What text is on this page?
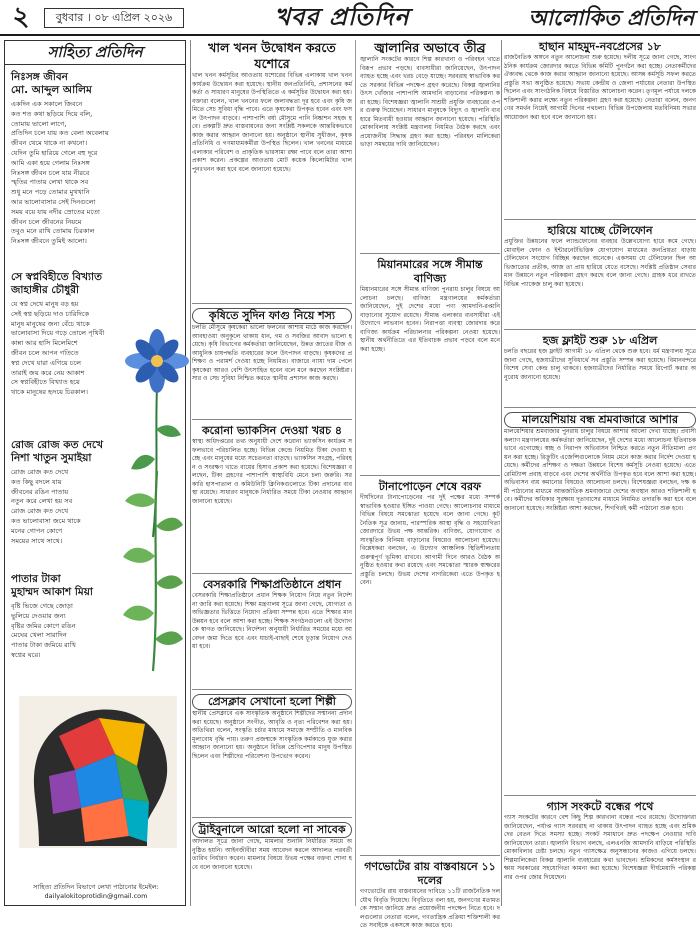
২	বুধবার । ০৮ এপ্রিল ২০২৬	খবর প্রতিদিন	আলোকিত প্রতিদিন
সাহিত্য প্রতিদিন
নিঃসঙ্গ জীবন
মো. আব্দুল আলিম
একদিন এক সকালে জিবনে
কত শত কথা ছড়িয়ে দিয়ে বলি,
তোমায় ভালো লাগে,
প্রতিদিন চলে যায় কত বেলা অবেলায়
জীবন থেমে থাকে না কখনো।
যেদিন তুমি হারিয়ে গেলে বহু দূরে
আমি একা হয়ে গেলাম নিঃসঙ্গ
নিঃসঙ্গ জীবন চলে যায় নীরবে
স্মৃতির পাতায় লেখা থাকে সব
শুধু মনে পড়ে তোমার মুখখানি
আর ভালোবাসার সেই দিনগুলো
সময় বয়ে যায় নদীর স্রোতের মতো
জীবন চলে জীবনের নিয়মে
তবুও মনে রাখি তোমায় চিরকাল
নিঃসঙ্গ জীবনে তুমিই আলো।
সে স্বপ্নবিহীতে বিখ্যাত
জাহাঙ্গীর চৌধুরী
যে স্বপ্ন দেখে মানুষ বড় হয়
সেই স্বপ্ন ছড়িয়ে দাও চারিদিকে
মানুষ মানুষের জন্য বেঁচে থাকে
ভালোবাসা দিয়ে গড়ে তোলে পৃথিবী
কান্না আর হাসি মিলেমিশে
জীবন চলে আপন গতিতে
স্বপ্ন দেখে যারা এগিয়ে চলে
তারাই জয় করে নেয় আকাশ
সে স্বপ্নবিহীতে বিখ্যাত হয়ে
থাকে মানুষের হৃদয়ে চিরকাল।
রোজ রোজ কত দেখে
নিশা খাতুন সুমাইয়া
রোজ রোজ কত দেখে
কত কিছু বদলে যায়
জীবনের রঙিন পাতায়
নতুন করে লেখা হয় সব
রোজ রোজ কত দেখে
কত ভালোবাসা জমে থাকে
মনের গোপন কোণে
সময়ের সাথে সাথে।
পাতার টাকা
মুহাম্মদ আকাশ মিয়া
বৃষ্টি ভিজে গেছে জোড়া
ভুলিয়ে দেওয়ার জন্য
বৃষ্টির জমির কোণে রঙিন
মেঘের খেলা সারাদিন
পাতার টাকা জমিয়ে রাখি
স্বপ্নের ঘরে।
সাহিত্য প্রতিদিন বিভাগে লেখা পাঠানোর ইমেইল:
dailyalokitoprotidin@gmail.com
খাল খনন উদ্বোধন করতে যশোরে
খাল খনন কর্মসূচির আওতায় যশোরের বিভিন্ন এলাকায় খাল খনন কার্যক্রম উদ্বোধন করা হয়েছে। স্থানীয় জনপ্রতিনিধি, প্রশাসনের কর্মকর্তা ও সাধারণ মানুষের উপস্থিতিতে এ কর্মসূচির উদ্বোধন করা হয়। বক্তারা বলেন, খাল খননের ফলে জলাবদ্ধতা দূর হবে এবং কৃষি জমিতে সেচ সুবিধা বৃদ্ধি পাবে। এতে কৃষকেরা উপকৃত হবেন এবং ফসল উৎপাদন বাড়বে। পাশাপাশি বর্ষা মৌসুমে পানি নিষ্কাশন সহজ হবে। প্রকল্পটি দ্রুত বাস্তবায়নের জন্য সংশ্লিষ্ট সকলকে আন্তরিকভাবে কাজ করার আহ্বান জানানো হয়। অনুষ্ঠানে স্থানীয় সুধীজন, কৃষক প্রতিনিধি ও গণমাধ্যমকর্মীরা উপস্থিত ছিলেন। খাল খননের মাধ্যমে এলাকার পরিবেশ ও প্রাকৃতিক ভারসাম্য রক্ষা পাবে বলে তারা আশা প্রকাশ করেন। প্রকল্পের আওতায় মোট কয়েক কিলোমিটার খাল পুনঃখনন করা হবে বলে জানানো হয়েছে।
কৃষিতে সুদিন ফাগু নিয়ে শস্য
চলতি মৌসুমে কৃষকেরা ভালো ফলনের আশায় মাঠে কাজ করছেন। আবহাওয়া অনুকূলে থাকায় ধান, গম ও সবজির আবাদ ভালো হয়েছে। কৃষি বিভাগের কর্মকর্তারা জানিয়েছেন, উন্নত জাতের বীজ ও আধুনিক চাষপদ্ধতি ব্যবহারের ফলে উৎপাদন বাড়ছে। কৃষকদের প্রশিক্ষণ ও পরামর্শ দেওয়া হচ্ছে নিয়মিত। বাজারে ন্যায্য দাম পেলে কৃষকেরা আরও বেশি উৎসাহিত হবেন বলে মনে করছেন সংশ্লিষ্টরা। সার ও সেচ সুবিধা নিশ্চিত করতে স্থানীয় প্রশাসন কাজ করছে।
করোনা ভ্যাকসিন দেওয়া খরচ ৪
স্বাস্থ্য অধিদপ্তরের তথ্য অনুযায়ী দেশে করোনা ভ্যাকসিন কার্যক্রম সফলভাবে পরিচালিত হচ্ছে। বিভিন্ন কেন্দ্রে নিয়মিত টিকা দেওয়া হচ্ছে এবং মানুষের মধ্যে সচেতনতা বাড়ছে। ভ্যাকসিন সংগ্রহ, পরিবহন ও সংরক্ষণ খাতে ব্যয়ের হিসাব প্রকাশ করা হয়েছে। বিশেষজ্ঞরা বলছেন, টিকা গ্রহণের পাশাপাশি স্বাস্থ্যবিধি মেনে চলা জরুরি। সরকারি হাসপাতাল ও কমিউনিটি ক্লিনিকগুলোতে টিকা প্রদানের ব্যবস্থা রয়েছে। সাধারণ মানুষকে নির্ধারিত সময়ে টিকা নেওয়ার আহ্বান জানানো হয়েছে।
বেসরকারি শিক্ষাপ্রতিষ্ঠানে প্রধান
বেসরকারি শিক্ষাপ্রতিষ্ঠানে প্রধান শিক্ষক নিয়োগ নিয়ে নতুন নির্দেশনা জারি করা হয়েছে। শিক্ষা মন্ত্রণালয় সূত্রে জানা গেছে, যোগ্যতা ও অভিজ্ঞতার ভিত্তিতে নিয়োগ প্রক্রিয়া সম্পন্ন হবে। এতে শিক্ষার মান উন্নয়ন হবে বলে আশা করা হচ্ছে। শিক্ষক সংগঠনগুলো এই উদ্যোগকে স্বাগত জানিয়েছে। নির্দেশনা অনুযায়ী নির্ধারিত সময়ের মধ্যে আবেদন জমা দিতে হবে এবং যাচাই-বাছাই শেষে চূড়ান্ত নিয়োগ দেওয়া হবে।
প্রেসক্লাব সেখানো হলো শিল্পী
স্থানীয় প্রেসক্লাবে এক সাংস্কৃতিক অনুষ্ঠানে শিল্পীদের সম্মাননা প্রদান করা হয়েছে। অনুষ্ঠানে সংগীত, আবৃত্তি ও নৃত্য পরিবেশন করা হয়। অতিথিরা বলেন, সংস্কৃতি চর্চার মাধ্যমে সমাজে সম্প্রীতি ও মানবিক মূল্যবোধ বৃদ্ধি পায়। তরুণ প্রজন্মকে সাংস্কৃতিক কর্মকাণ্ডে যুক্ত করার আহ্বান জানানো হয়। অনুষ্ঠানে বিভিন্ন শ্রেণিপেশার মানুষ উপস্থিত ছিলেন এবং শিল্পীদের পরিবেশনা উপভোগ করেন।
ট্রাইবুনালে আরো হলো না সাবেক
আদালত সূত্রে জানা গেছে, মামলার শুনানি নির্ধারিত সময়ে অনুষ্ঠিত হয়নি। আইনজীবীরা সময় আবেদন করলে আদালত পরবর্তী তারিখ নির্ধারণ করেন। মামলার বিষয়ে উভয় পক্ষের বক্তব্য শোনা হবে বলে জানানো হয়েছে।
জ্বালানির অভাবে তীব্র
জ্বালানি সংকটের কারণে শিল্প কারখানা ও পরিবহন খাতে বিরূপ প্রভাব পড়ছে। ব্যবসায়ীরা জানিয়েছেন, উৎপাদন ব্যাহত হচ্ছে এবং খরচ বেড়ে যাচ্ছে। সরবরাহ স্বাভাবিক করতে সরকার বিভিন্ন পদক্ষেপ গ্রহণ করেছে। বিকল্প জ্বালানির উৎস খোঁজার পাশাপাশি আমদানি বাড়ানোর পরিকল্পনা করা হচ্ছে। বিশেষজ্ঞরা জ্বালানি সাশ্রয়ী প্রযুক্তি ব্যবহারের ওপর গুরুত্ব দিয়েছেন। সাধারণ মানুষকে বিদ্যুৎ ও জ্বালানি ব্যবহারে মিতব্যয়ী হওয়ার আহ্বান জানানো হয়েছে। পরিস্থিতি মোকাবিলায় সংশ্লিষ্ট মন্ত্রণালয় নিয়মিত বৈঠক করছে এবং প্রয়োজনীয় সিদ্ধান্ত গ্রহণ করা হচ্ছে। পরিবহন মালিকেরা ভাড়া সমন্বয়ের দাবি জানিয়েছেন।
মিয়ানমারের সঙ্গে সীমান্ত বাণিজ্য
মিয়ানমারের সঙ্গে সীমান্ত বাণিজ্য পুনরায় চালুর বিষয়ে আলোচনা চলছে। বাণিজ্য মন্ত্রণালয়ের কর্মকর্তারা জানিয়েছেন, দুই দেশের মধ্যে পণ্য আমদানি-রপ্তানি বাড়ানোর সুযোগ রয়েছে। সীমান্ত এলাকার ব্যবসায়ীরা এই উদ্যোগে লাভবান হবেন। নিরাপত্তা ব্যবস্থা জোরদার করে বাণিজ্য কার্যক্রম পরিচালনার পরিকল্পনা নেওয়া হয়েছে। স্থানীয় অর্থনীতিতে এর ইতিবাচক প্রভাব পড়বে বলে মনে করা হচ্ছে।
টানাপোড়েন শেষে বরফ
দীর্ঘদিনের টানাপোড়েনের পর দুই পক্ষের মধ্যে সম্পর্ক স্বাভাবিক হওয়ার ইঙ্গিত পাওয়া গেছে। আলোচনার মাধ্যমে বিভিন্ন বিষয়ে সমঝোতা হয়েছে বলে জানা গেছে। কূটনৈতিক সূত্র জানায়, পারস্পরিক আস্থা বৃদ্ধি ও সহযোগিতা জোরদারে উভয় পক্ষ আন্তরিক। বাণিজ্য, যোগাযোগ ও সাংস্কৃতিক বিনিময় বাড়ানোর বিষয়েও আলোচনা হয়েছে। বিশ্লেষকরা বলছেন, এ উদ্যোগ আঞ্চলিক স্থিতিশীলতায় গুরুত্বপূর্ণ ভূমিকা রাখবে। আগামী দিনে আরও বৈঠক অনুষ্ঠিত হওয়ার কথা রয়েছে এবং সমঝোতা স্মারক স্বাক্ষরের প্রস্তুতি চলছে। উভয় দেশের নাগরিকেরা এতে উপকৃত হবেন।
গণভোটের রায় বাস্তবায়নে ১১ দলের
গণভোটের রায় বাস্তবায়নের দাবিতে ১১টি রাজনৈতিক দল যৌথ বিবৃতি দিয়েছে। বিবৃতিতে বলা হয়, জনগণের মতামতকে সম্মান জানিয়ে দ্রুত প্রয়োজনীয় পদক্ষেপ নিতে হবে। দলগুলোর নেতারা বলেন, গণতান্ত্রিক প্রক্রিয়া শক্তিশালী করতে সবাইকে একসঙ্গে কাজ করতে হবে।
হাছান মাহমুদ-নবপ্রেসের ১৮
রাজনৈতিক অঙ্গনে নতুন আলোচনা শুরু হয়েছে। দলীয় সূত্রে জানা গেছে, সাংগঠনিক কার্যক্রম জোরদার করতে বিভিন্ন কমিটি পুনর্গঠন করা হচ্ছে। নেতাকর্মীদের ঐক্যবদ্ধ থেকে কাজ করার আহ্বান জানানো হয়েছে। আসন্ন কর্মসূচি সফল করতে প্রস্তুতি সভা অনুষ্ঠিত হয়েছে। সভায় কেন্দ্রীয় ও জেলা পর্যায়ের নেতারা উপস্থিত ছিলেন এবং সাংগঠনিক বিষয়ে বিস্তারিত আলোচনা করেন। তৃণমূল পর্যায়ে দলকে শক্তিশালী করার লক্ষ্যে নতুন পরিকল্পনা গ্রহণ করা হয়েছে। নেতারা বলেন, জনগণের সমর্থন নিয়েই আগামী দিনের পথচলা। বিভিন্ন উপজেলায় মতবিনিময় সভার আয়োজন করা হবে বলে জানানো হয়।
হারিয়ে যাচ্ছে টেলিফোন
প্রযুক্তির উন্নয়নের ফলে ল্যান্ডফোনের ব্যবহার উল্লেখযোগ্য হারে কমে গেছে। মোবাইল ফোন ও ইন্টারনেটভিত্তিক যোগাযোগ মাধ্যমের জনপ্রিয়তা বাড়ায় টেলিফোন সংযোগ বিচ্ছিন্ন করছেন অনেকে। একসময় যে টেলিফোন ছিল আভিজাত্যের প্রতীক, আজ তা প্রায় হারিয়ে যেতে বসেছে। সংশ্লিষ্ট প্রতিষ্ঠান সেবার মান উন্নয়নে নতুন পরিকল্পনা গ্রহণ করছে বলে জানা গেছে। গ্রাহক ধরে রাখতে বিভিন্ন প্যাকেজ চালু করা হয়েছে।
হজ ফ্লাইট শুরু ১৮ এপ্রিল
চলতি বছরের হজ ফ্লাইট আগামী ১৮ এপ্রিল থেকে শুরু হবে। ধর্ম মন্ত্রণালয় সূত্রে জানা গেছে, হজযাত্রীদের সুবিধার্থে সব প্রস্তুতি সম্পন্ন করা হয়েছে। বিমানবন্দরে বিশেষ সেবা কেন্দ্র চালু থাকবে। হজযাত্রীদের নির্ধারিত সময়ে রিপোর্ট করার অনুরোধ জানানো হয়েছে।
মালয়েশিয়ায় বন্ধ শ্রমবাজারে আশার
মালয়েশিয়ার শ্রমবাজার পুনরায় চালুর বিষয়ে আশার আলো দেখা যাচ্ছে। প্রবাসী কল্যাণ মন্ত্রণালয়ের কর্মকর্তারা জানিয়েছেন, দুই দেশের মধ্যে আলোচনা ইতিবাচকভাবে এগোচ্ছে। স্বচ্ছ ও নিরাপদ অভিবাসন নিশ্চিত করতে নতুন নীতিমালা প্রণয়ন করা হচ্ছে। রিক্রুটিং এজেন্সিগুলোকে নিয়ম মেনে কাজ করার নির্দেশ দেওয়া হয়েছে। কর্মীদের প্রশিক্ষণ ও দক্ষতা উন্নয়নে বিশেষ কর্মসূচি নেওয়া হয়েছে। এতে রেমিট্যান্স প্রবাহ বাড়বে এবং দেশের অর্থনীতি উপকৃত হবে বলে আশা করা হচ্ছে। অভিবাসন ব্যয় কমানোর বিষয়েও আলোচনা চলছে। বিশেষজ্ঞরা বলছেন, দক্ষ কর্মী পাঠানোর মাধ্যমে আন্তর্জাতিক শ্রমবাজারে দেশের অবস্থান আরও শক্তিশালী হবে। কর্মীদের অধিকার সুরক্ষায় দূতাবাসের মাধ্যমে নিয়মিত তদারকি করা হবে বলে জানানো হয়েছে। সংশ্লিষ্টরা আশা করছেন, শিগগিরই কর্মী পাঠানো শুরু হবে।
গ্যাস সংকটে বন্ধের পথে
গ্যাস সংকটের কারণে বেশ কিছু শিল্প কারখানা বন্ধের পথে রয়েছে। উদ্যোক্তারা জানিয়েছেন, পর্যাপ্ত গ্যাস সরবরাহ না থাকায় উৎপাদন ব্যাহত হচ্ছে এবং শ্রমিকদের বেতন দিতে সমস্যা হচ্ছে। সংকট সমাধানে দ্রুত পদক্ষেপ নেওয়ার দাবি জানিয়েছেন তারা। জ্বালানি বিভাগ বলছে, এলএনজি আমদানি বাড়িয়ে পরিস্থিতি মোকাবিলার চেষ্টা চলছে। নতুন গ্যাসক্ষেত্র অনুসন্ধানের কাজও এগিয়ে চলছে। শিল্পমালিকেরা বিকল্প জ্বালানি ব্যবহারের কথা ভাবছেন। শ্রমিকদের কর্মসংস্থান রক্ষায় সরকারের সহযোগিতা কামনা করা হয়েছে। বিশেষজ্ঞরা দীর্ঘমেয়াদি পরিকল্পনার ওপর জোর দিয়েছেন।
